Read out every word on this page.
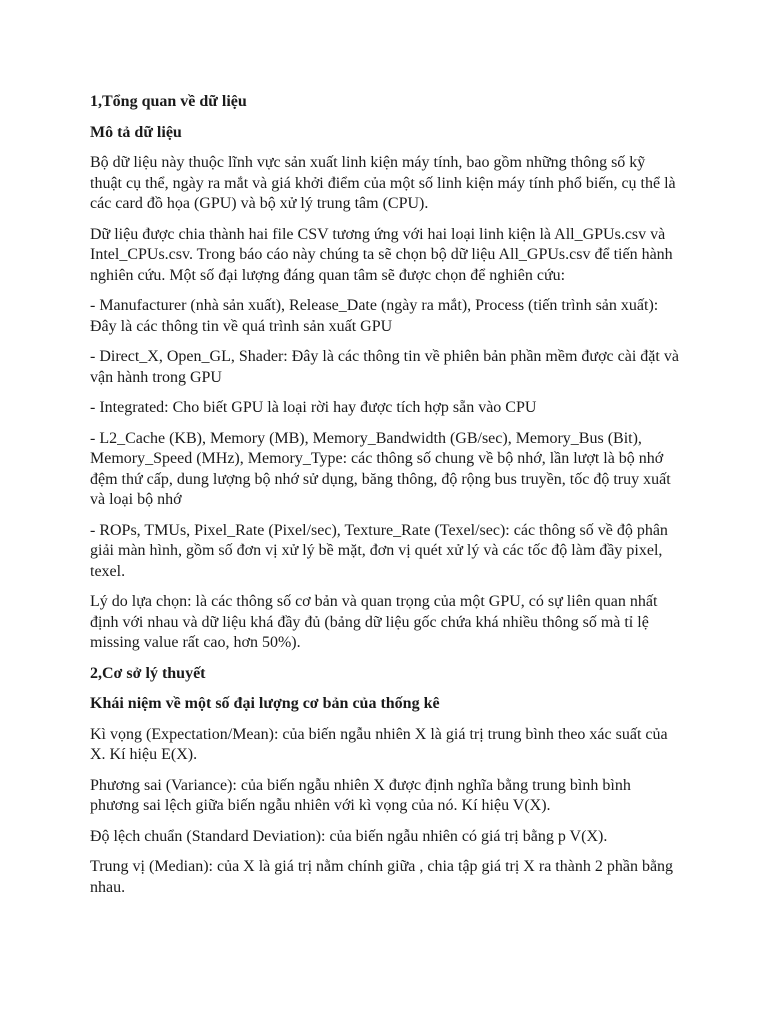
1,Tổng quan về dữ liệu

Mô tả dữ liệu

Bộ dữ liệu này thuộc lĩnh vực sản xuất linh kiện máy tính, bao gồm những thông số kỹ thuật cụ thể, ngày ra mắt và giá khởi điểm của một số linh kiện máy tính phổ biến, cụ thể là các card đồ họa (GPU) và bộ xử lý trung tâm (CPU).

Dữ liệu được chia thành hai file CSV tương ứng với hai loại linh kiện là All_GPUs.csv và Intel_CPUs.csv. Trong báo cáo này chúng ta sẽ chọn bộ dữ liệu All_GPUs.csv để tiến hành nghiên cứu. Một số đại lượng đáng quan tâm sẽ được chọn để nghiên cứu:

- Manufacturer (nhà sản xuất), Release_Date (ngày ra mắt), Process (tiến trình sản xuất): Đây là các thông tin về quá trình sản xuất GPU

- Direct_X, Open_GL, Shader: Đây là các thông tin về phiên bản phần mềm được cài đặt và vận hành trong GPU

- Integrated: Cho biết GPU là loại rời hay được tích hợp sẵn vào CPU

- L2_Cache (KB), Memory (MB), Memory_Bandwidth (GB/sec), Memory_Bus (Bit), Memory_Speed (MHz), Memory_Type: các thông số chung về bộ nhớ, lần lượt là bộ nhớ đệm thứ cấp, dung lượng bộ nhớ sử dụng, băng thông, độ rộng bus truyền, tốc độ truy xuất và loại bộ nhớ

- ROPs, TMUs, Pixel_Rate (Pixel/sec), Texture_Rate (Texel/sec): các thông số về độ phân giải màn hình, gồm số đơn vị xử lý bề mặt, đơn vị quét xử lý và các tốc độ làm đầy pixel, texel.

Lý do lựa chọn: là các thông số cơ bản và quan trọng của một GPU, có sự liên quan nhất định với nhau và dữ liệu khá đầy đủ (bảng dữ liệu gốc chứa khá nhiều thông số mà tỉ lệ missing value rất cao, hơn 50%).

2,Cơ sở lý thuyết

Khái niệm về một số đại lượng cơ bản của thống kê

Kì vọng (Expectation/Mean): của biến ngẫu nhiên X là giá trị trung bình theo xác suất của X. Kí hiệu E(X).

Phương sai (Variance): của biến ngẫu nhiên X được định nghĩa bằng trung bình bình phương sai lệch giữa biến ngẫu nhiên với kì vọng của nó. Kí hiệu V(X).

Độ lệch chuẩn (Standard Deviation): của biến ngẫu nhiên có giá trị bằng p V(X).

Trung vị (Median): của X là giá trị nằm chính giữa , chia tập giá trị X ra thành 2 phần bằng nhau.
